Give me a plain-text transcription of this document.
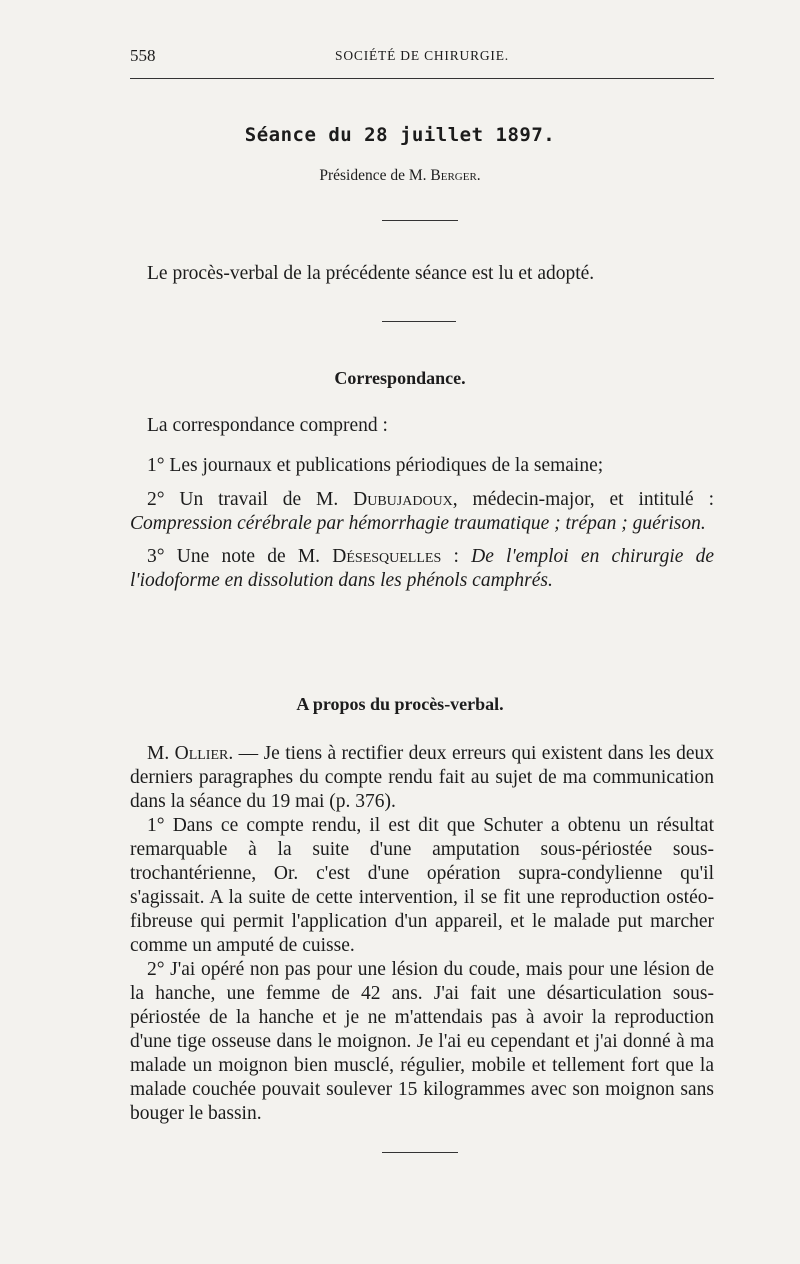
558	SOCIÉTÉ DE CHIRURGIE.
Séance du 28 juillet 1897.
Présidence de M. Berger.

Le procès-verbal de la précédente séance est lu et adopté.

Correspondance.

La correspondance comprend :

1° Les journaux et publications périodiques de la semaine;

2° Un travail de M. Dubujadoux, médecin-major, et intitulé : Compression cérébrale par hémorrhagie traumatique ; trépan ; guérison.

3° Une note de M. Désesquelles : De l'emploi en chirurgie de l'iodoforme en dissolution dans les phénols camphrés.

A propos du procès-verbal.

M. Ollier. — Je tiens à rectifier deux erreurs qui existent dans les deux derniers paragraphes du compte rendu fait au sujet de ma communication dans la séance du 19 mai (p. 376).

1° Dans ce compte rendu, il est dit que Schuter a obtenu un résultat remarquable à la suite d'une amputation sous-périostée sous-trochantérienne, Or. c'est d'une opération supra-condylienne qu'il s'agissait. A la suite de cette intervention, il se fit une reproduction ostéo-fibreuse qui permit l'application d'un appareil, et le malade put marcher comme un amputé de cuisse.

2° J'ai opéré non pas pour une lésion du coude, mais pour une lésion de la hanche, une femme de 42 ans. J'ai fait une désarticulation sous-périostée de la hanche et je ne m'attendais pas à avoir la reproduction d'une tige osseuse dans le moignon. Je l'ai eu cependant et j'ai donné à ma malade un moignon bien musclé, régulier, mobile et tellement fort que la malade couchée pouvait soulever 15 kilogrammes avec son moignon sans bouger le bassin.
